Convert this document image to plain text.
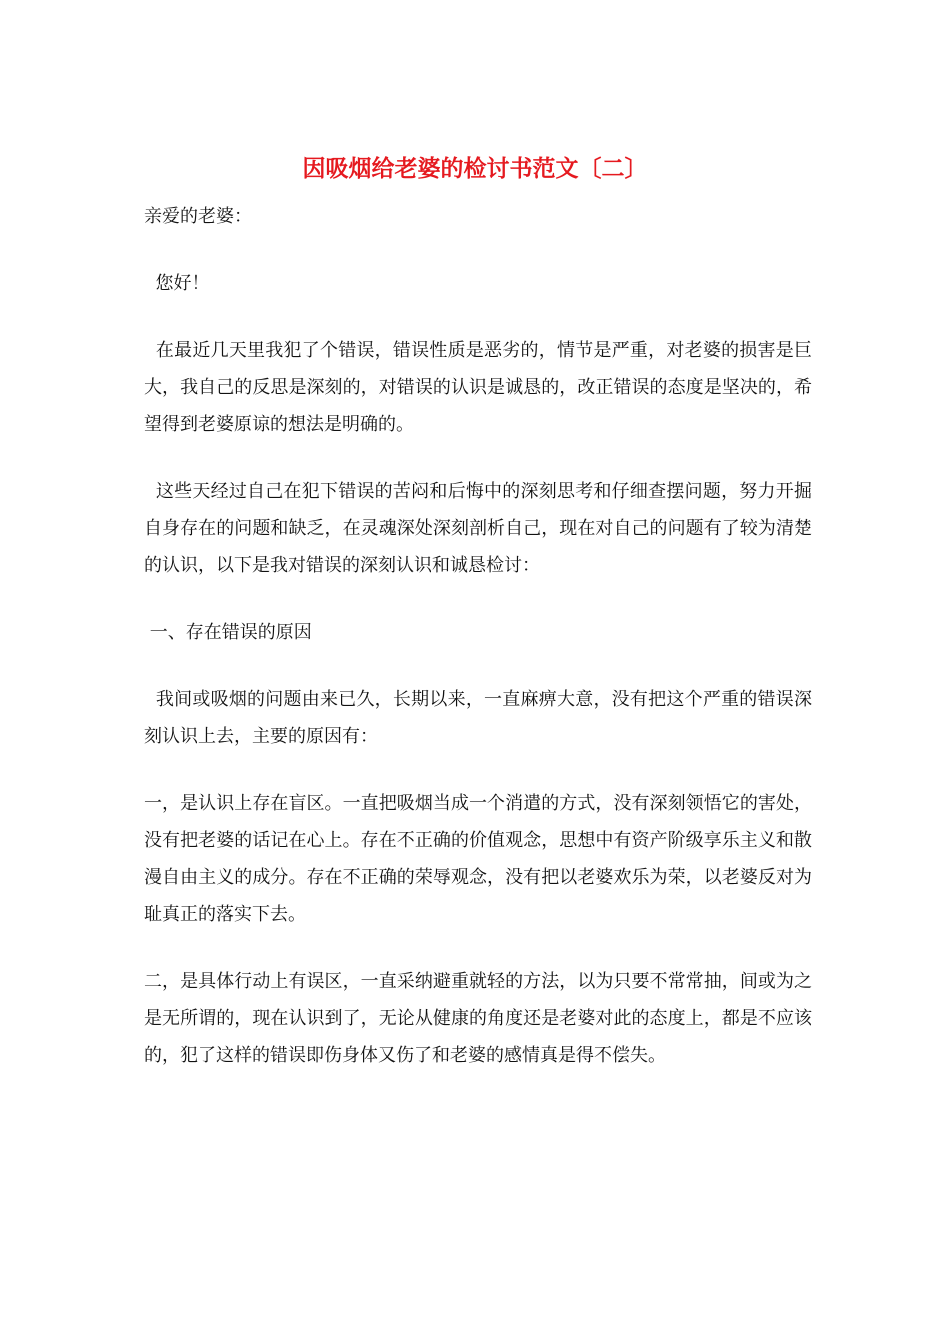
因吸烟给老婆的检讨书范文〔二〕

亲爱的老婆：

您好！

在最近几天里我犯了个错误，错误性质是恶劣的，情节是严重，对老婆的损害是巨大，我自己的反思是深刻的，对错误的认识是诚恳的，改正错误的态度是坚决的，希望得到老婆原谅的想法是明确的。

这些天经过自己在犯下错误的苦闷和后悔中的深刻思考和仔细查摆问题，努力开掘自身存在的问题和缺乏，在灵魂深处深刻剖析自己，现在对自己的问题有了较为清楚的认识，以下是我对错误的深刻认识和诚恳检讨：

一、存在错误的原因

我间或吸烟的问题由来已久，长期以来，一直麻痹大意，没有把这个严重的错误深刻认识上去，主要的原因有：

一，是认识上存在盲区。一直把吸烟当成一个消遣的方式，没有深刻领悟它的害处，没有把老婆的话记在心上。存在不正确的价值观念，思想中有资产阶级享乐主义和散漫自由主义的成分。存在不正确的荣辱观念，没有把以老婆欢乐为荣，以老婆反对为耻真正的落实下去。

二，是具体行动上有误区，一直采纳避重就轻的方法，以为只要不常常抽，间或为之是无所谓的，现在认识到了，无论从健康的角度还是老婆对此的态度上，都是不应该的，犯了这样的错误即伤身体又伤了和老婆的感情真是得不偿失。
